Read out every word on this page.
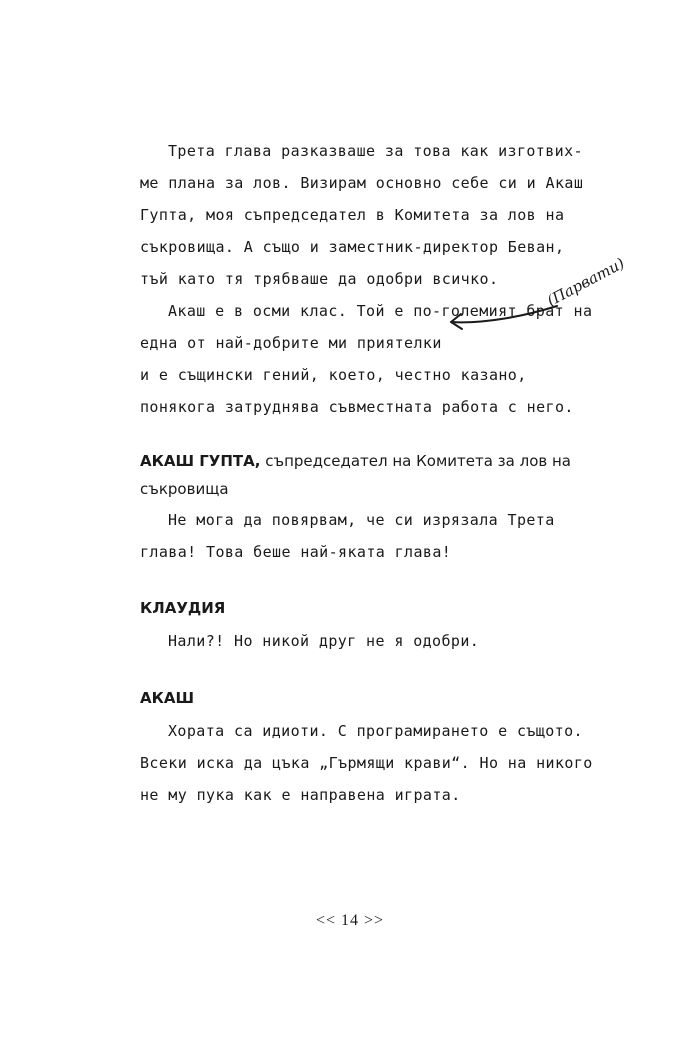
Трета глава разказваше за това как изготвих-
ме плана за лов. Визирам основно себе си и Акаш
Гупта, моя съпредседател в Комитета за лов на
съкровища. А също и заместник-директор Беван,
тъй като тя трябваше да одобри всичко.
Акаш е в осми клас. Той е по-големият брат на
една от най-добрите ми приятелки
и е същински гений, което, честно казано,
понякога затруднява съвместната работа с него.
(Парвати)
АКАШ ГУПТА, съпредседател на Комитета за лов на
съкровища
Не мога да повярвам, че си изрязала Трета
глава! Това беше най-яката глава!
КЛАУДИЯ
Нали?! Но никой друг не я одобри.
АКАШ
Хората са идиоти. С програмирането е същото.
Всеки иска да цъка „Гърмящи крави“. Но на никого
не му пука как е направена играта.
<< 14 >>
